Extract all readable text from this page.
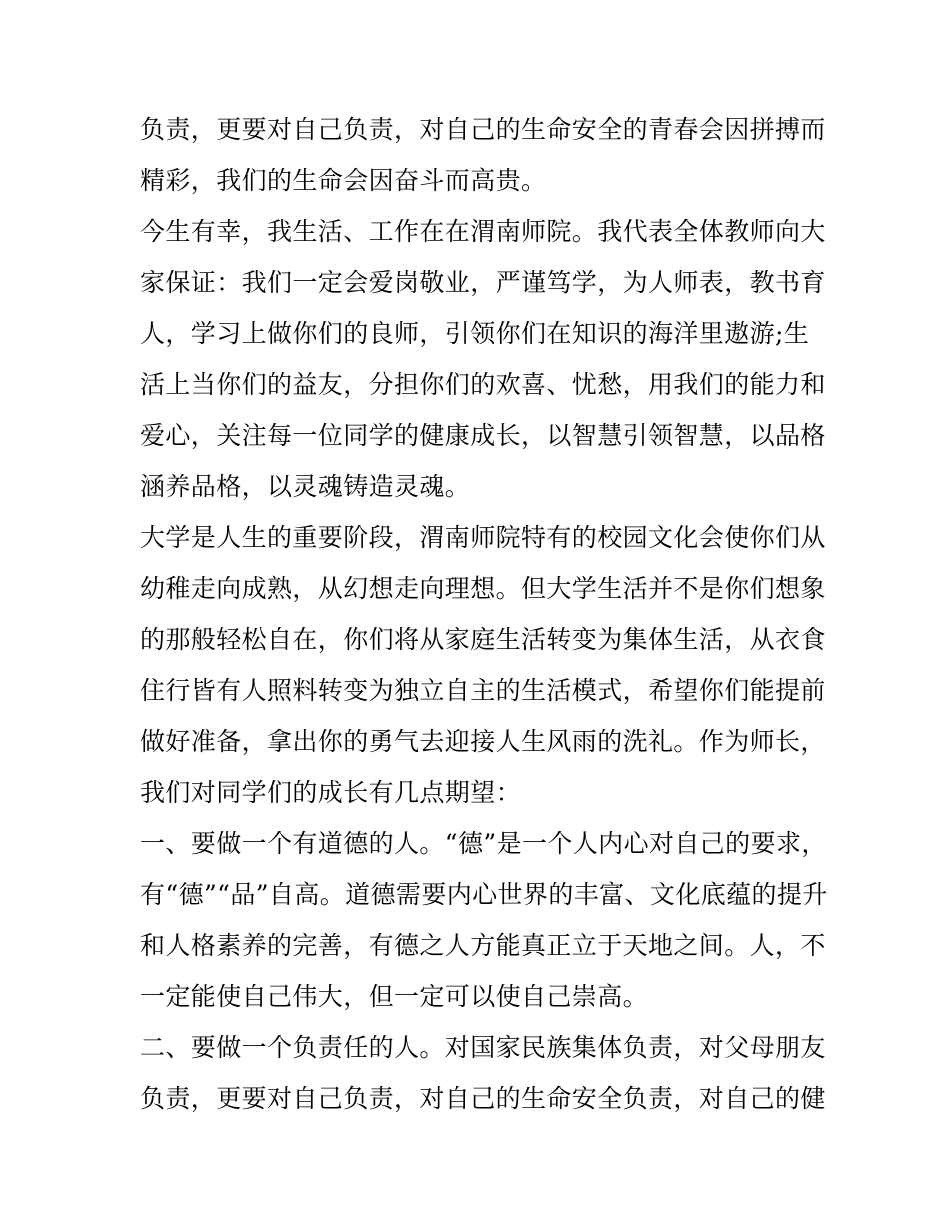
负责，更要对自己负责，对自己的生命安全的青春会因拼搏而
精彩，我们的生命会因奋斗而高贵。

今生有幸，我生活、工作在在渭南师院。我代表全体教师向大
家保证：我们一定会爱岗敬业，严谨笃学，为人师表，教书育
人，学习上做你们的良师，引领你们在知识的海洋里遨游;生
活上当你们的益友，分担你们的欢喜、忧愁，用我们的能力和
爱心，关注每一位同学的健康成长，以智慧引领智慧，以品格
涵养品格，以灵魂铸造灵魂。

大学是人生的重要阶段，渭南师院特有的校园文化会使你们从
幼稚走向成熟，从幻想走向理想。但大学生活并不是你们想象
的那般轻松自在，你们将从家庭生活转变为集体生活，从衣食
住行皆有人照料转变为独立自主的生活模式，希望你们能提前
做好准备，拿出你的勇气去迎接人生风雨的洗礼。作为师长，
我们对同学们的成长有几点期望：

一、要做一个有道德的人。“德”是一个人内心对自己的要求，
有“德”“品”自高。道德需要内心世界的丰富、文化底蕴的提升
和人格素养的完善，有德之人方能真正立于天地之间。人，不
一定能使自己伟大，但一定可以使自己崇高。

二、要做一个负责任的人。对国家民族集体负责，对父母朋友
负责，更要对自己负责，对自己的生命安全负责，对自己的健
